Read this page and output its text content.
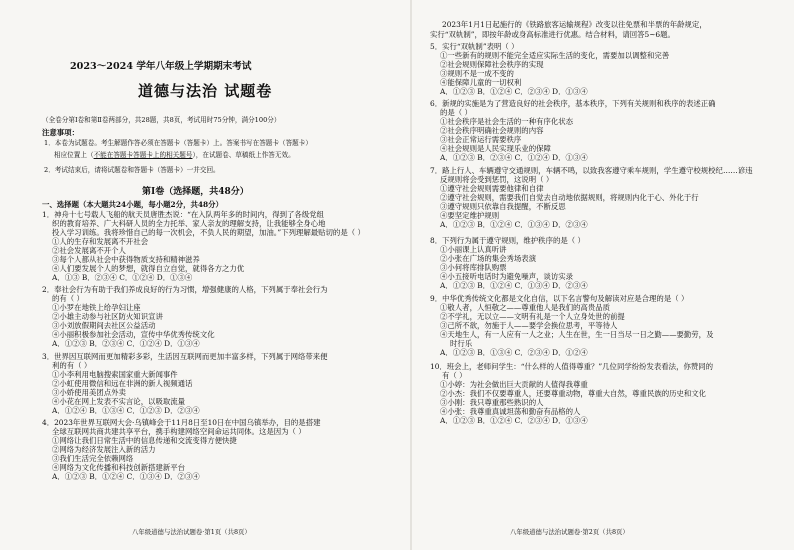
2023～2024 学年八年级上学期期末考试
道德与法治 试题卷
（全卷分第Ⅰ卷和第Ⅱ卷两部分，共28题，共8页，考试用时75分钟，满分100分）
注意事项：
1．本卷为试题卷。考生解题作答必须在答题卡（答题卡）上。答案书写在答题卡（答题卡）
相应位置上（不能在答题卡答题卡上的相关题号），在试题卷、草稿纸上作答无效。
2．考试结束后，请将试题卷和答题卡（答题卡）一并交回。
第Ⅰ卷（选择题，共48分）
一、选择题（本大题共24小题，每小题2分，共48分）
1．神舟十七号载人飞船的航天员唐胜杰说：“在入队两年多的时间内，得到了各级党组
织的教育培养、广大科研人员的全力托举、家人亲友的理解支持，让我能够全身心地
投入学习训练。我将珍惜自己的每一次机会，不负人民的期望，加油。”下列理解最贴切的是（ ）
①人的生存和发展离不开社会
②社会发展离不开个人
③每个人都从社会中获得物质支持和精神滋养
④人们要发展个人的梦想，就得自立自觉，就得各方之力优
A．①③ B．②③④ C．①②④ D．①③④
2．奉社会行为有助于我们养成良好的行为习惯，增强健康的人格，下列属于奉社会行为
的有（ ）
①小罗在地铁上给孕妇让座
②小雄主动参与社区防火知识宣讲
③小刘放假期间去社区公益活动
④小丽积极参加社会活动，宣传中华优秀传统文化
A．①②③ B．②③④ C．①②④ D．①③④
3．世界因互联网而更加精彩多彩，生活因互联网而更加丰富多样，下列属于网络带来便
利的有（ ）
①小李利用电脑搜索国家重大新闻事件
②小虹使用微信和远在非洲的新人视频通话
③小娇使用美团点外卖
④小花在网上发表不实言论，以吸取流量
A．①②④ B．①③④ C．①②③ D．②③④
4．2023年世界互联网大会·乌镇峰会于11月8日至10日在中国乌镇举办，目的是搭建
全球互联网共商共建共享平台，携手构建网络空间命运共同体。这是因为（ ）
①网络让我们日常生活中的信息传递和交流变得方便快捷
②网络为经济发展注入新的活力
③我们生活完全依赖网络
④网络为文化传播和科技创新搭建新平台
A．①②③ B．①②④ C．①③④ D．②③④
八年级道德与法治试题卷·第1页（共8页）
2023年1月1日起施行的《铁路旅客运输规程》改变以往免票和半票的年龄规定，
实行“双轨制”，即按年龄或身高标准进行优惠。结合材料，请回答5~6题。
5．实行“双轨制”表明（ ）
①一些新有的规则不能完全适应实际生活的变化，需要加以调整和完善
②社会规则保障社会秩序的实现
③规则不是一成不变的
④能保障儿童的一切权利
A．①②③ B．①②④ C．②③④ D．①③④
6．新规的实施是为了营造良好的社会秩序，基本秩序，下列有关规则和秩序的表述正确
的是（ ）
①社会秩序是社会生活的一种有序化状态
②社会秩序明确社会规则的内容
③社会正常运行需要秩序
④社会规则是人民实现乐业的保障
A．①②③ B．②③④ C．①②④ D．①③④
7．路上行人、车辆遵守交通规则，车辆不鸣，以致我客遵守乘车规则，学生遵守校规校纪……谚违
反规则将会受到惩罚，这说明（ ）
①遵守社会规则需要他律和自律
②遵守社会规则，需要我们自觉去自动地依据规则，将规则内化于心、外化于行
③遵守规则只依靠自我提醒，不断反思
④要坚定维护规则
A．①②③ B．①②④ C．①③④ D．②③④
8．下列行为属于遵守规则，维护秩序的是（ ）
①小丽课上认真听讲
②小张在广场的集会秀场表演
③小何将库排队购票
④小五接听电话时为避免噪声，谈访实录
A．①②③ B．①②④ C．①③④ D．②③④
9．中华优秀传统文化都是文化自信，以下名言警句及解读对应是合理的是（ ）
①敬人者，人恒敬之——尊重他人是我们的高贵品质
②不学礼，无以立——文明有礼是一个人立身处世的前提
③己所不欲，勿施于人——要学会换位思考，平等待人
④天地生人，有一人应有一人之业；人生在世，生一日当尽一日之勤——要勤劳，及
时行乐
A．①②③ B．①③④ C．②③④ D．①②④
10．班会上，老师问学生：“什么样的人值得尊重？”几位同学纷纷发表看法，你赞同的
有（ ）
①小婷：为社会做出巨大贡献的人值得我尊重
②小杰：我们不仅要尊重人，还要尊重动物，尊重大自然，尊重民族的历史和文化
③小刚：我只尊重那些熟识的人
④小张：我尊重真诚坦荡和勤奋有品格的人
A．①②③ B．①②④ C．②③④ D．①③④
八年级道德与法治试题卷·第2页（共8页）
